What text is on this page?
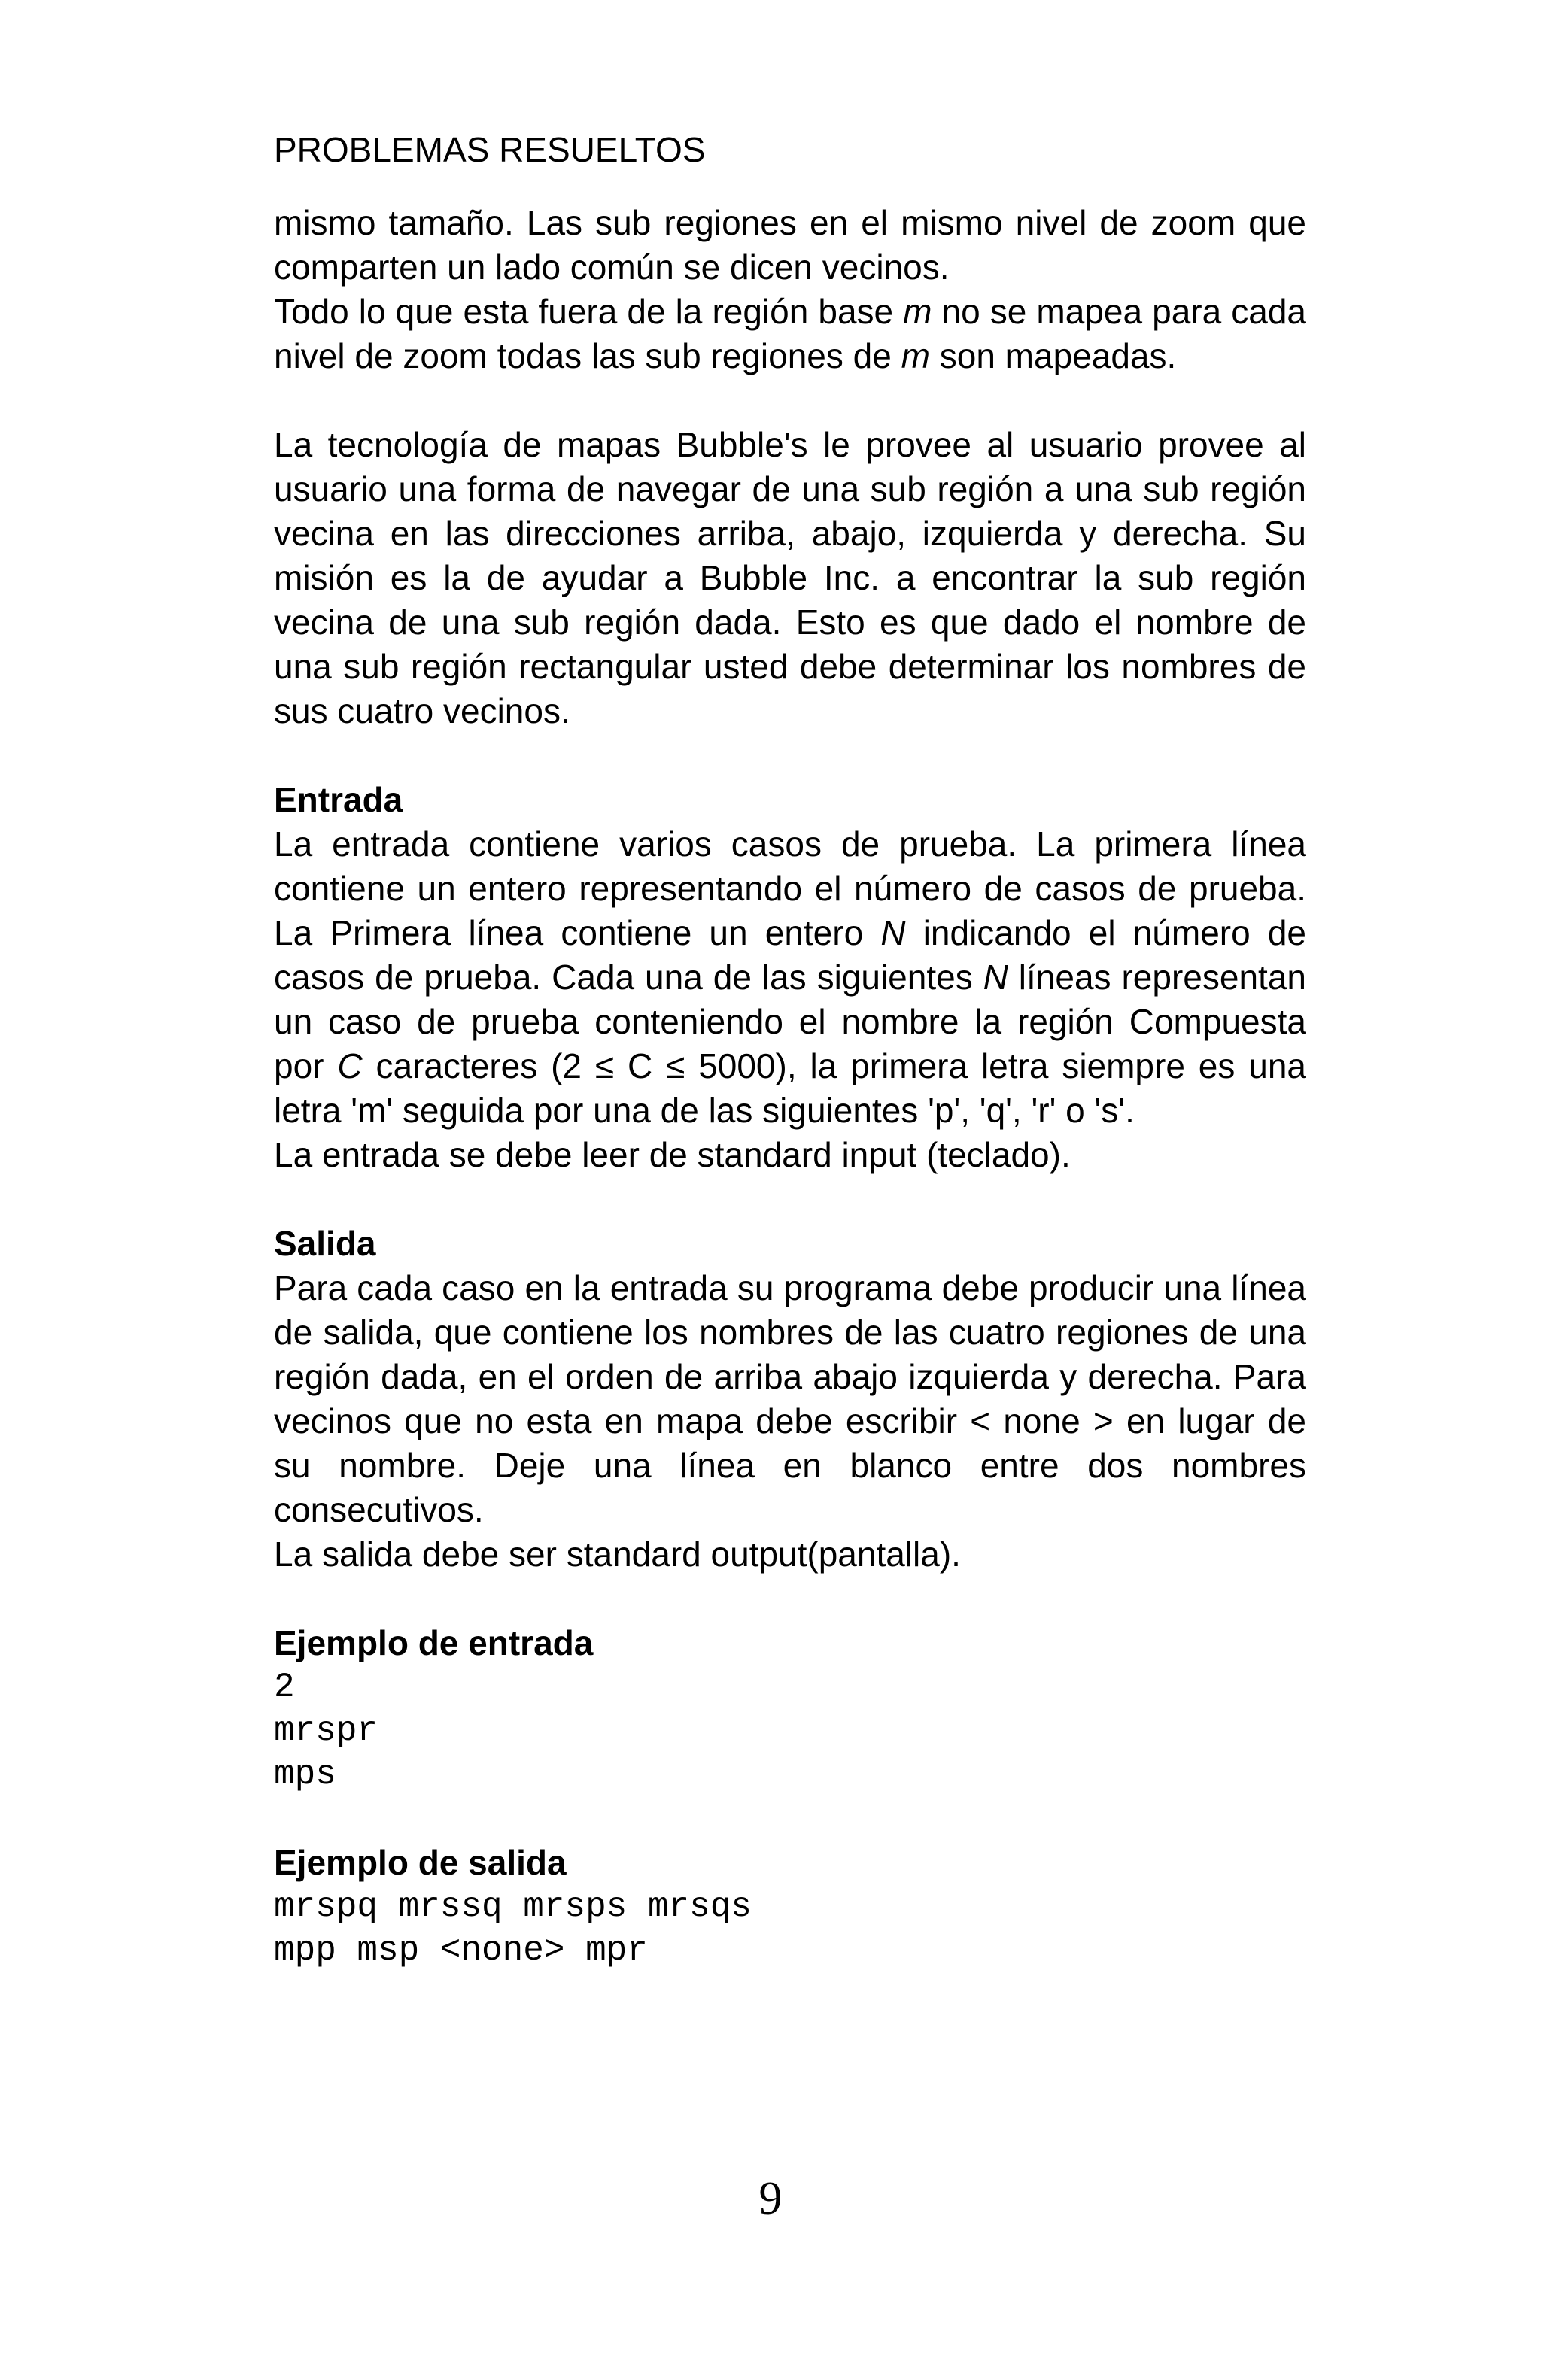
PROBLEMAS RESUELTOS

mismo tamaño. Las sub regiones en el mismo nivel de zoom que comparten un lado común se dicen vecinos.

Todo lo que esta fuera de la región base m no se mapea para cada nivel de zoom todas las sub regiones de m son mapeadas.

La tecnología de mapas Bubble's le provee al usuario provee al usuario una forma de navegar de una sub región a una sub región vecina en las direcciones arriba, abajo, izquierda y derecha. Su misión es la de ayudar a Bubble Inc. a encontrar la sub región vecina de una sub región dada. Esto es que dado el nombre de una sub región rectangular usted debe determinar los nombres de sus cuatro vecinos.

Entrada

La entrada contiene varios casos de prueba. La primera línea contiene un entero representando el número de casos de prueba. La Primera línea contiene un entero N indicando el número de casos de prueba. Cada una de las siguientes N líneas representan un caso de prueba conteniendo el nombre la región Compuesta por C caracteres (2 ≤ C ≤ 5000), la primera letra siempre es una letra 'm' seguida por una de las siguientes 'p', 'q', 'r' o 's'.

La entrada se debe leer de standard input (teclado).

Salida

Para cada caso en la entrada su programa debe producir una línea de salida, que contiene los nombres de las cuatro regiones de una región dada, en el orden de arriba abajo izquierda y derecha. Para vecinos que no esta en mapa debe escribir < none > en lugar de su nombre. Deje una línea en blanco entre dos nombres consecutivos.

La salida debe ser standard output(pantalla).

Ejemplo de entrada

2

mrspr

mps

Ejemplo de salida

mrspq mrssq mrsps mrsqs

mpp msp <none> mpr

9
